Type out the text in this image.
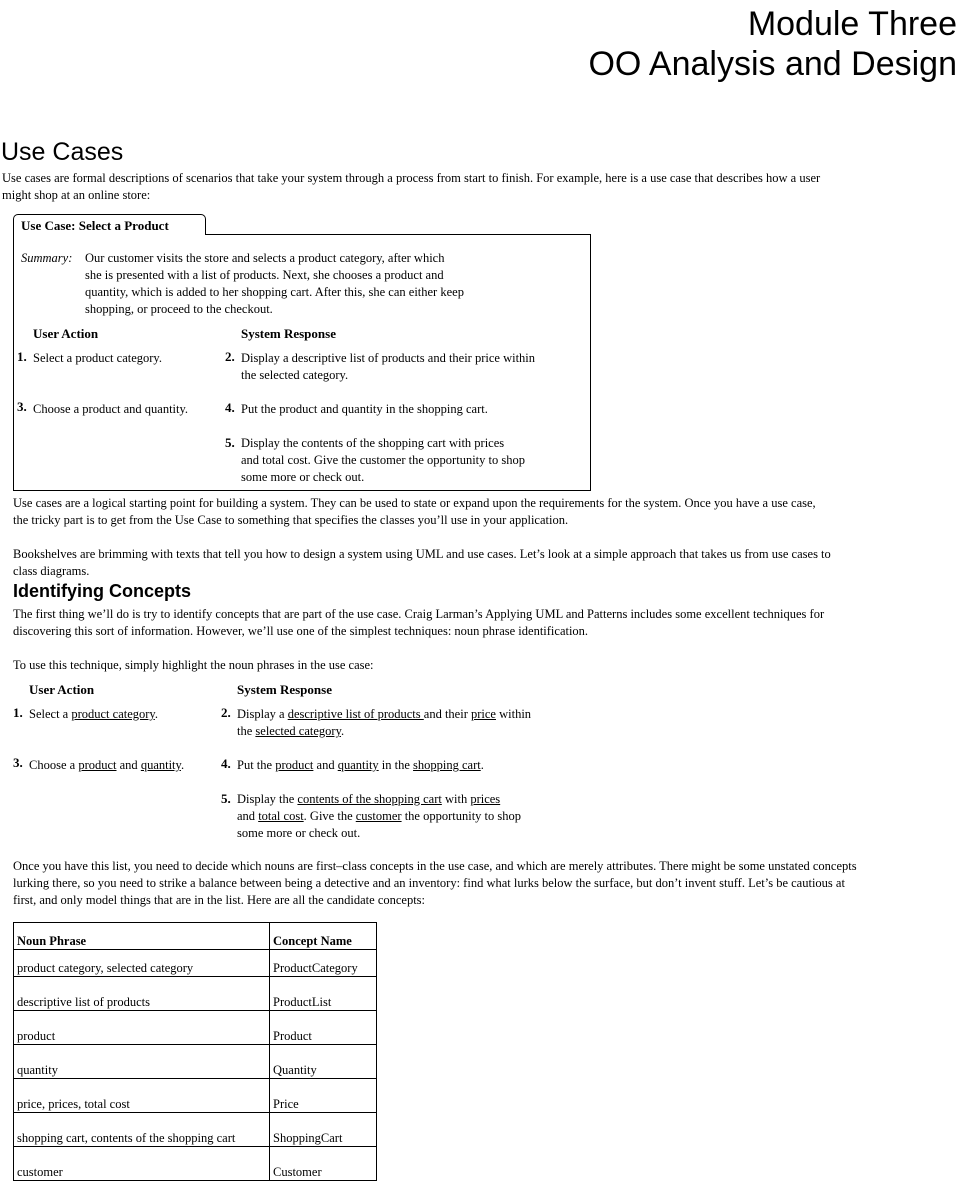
Module Three
OO Analysis and Design
Use Cases

Use cases are formal descriptions of scenarios that take your system through a process from start to finish. For example, here is a use case that describes how a user

might shop at an online store:

Use Case: Select a Product
Summary: Our customer visits the store and selects a product category, after which
she is presented with a list of products. Next, she chooses a product and
quantity, which is added to her shopping cart. After this, she can either keep
shopping, or proceed to the checkout.
User Action	System Response
1. Select a product category.	2. Display a descriptive list of products and their price within
the selected category.
3. Choose a product and quantity.	4. Put the product and quantity in the shopping cart.
5. Display the contents of the shopping cart with prices
and total cost. Give the customer the opportunity to shop
some more or check out.

Use cases are a logical starting point for building a system. They can be used to state or expand upon the requirements for the system. Once you have a use case,

the tricky part is to get from the Use Case to something that specifies the classes you’ll use in your application.

Bookshelves are brimming with texts that tell you how to design a system using UML and use cases. Let’s look at a simple approach that takes us from use cases to

class diagrams.

Identifying Concepts

The first thing we’ll do is try to identify concepts that are part of the use case. Craig Larman’s Applying UML and Patterns includes some excellent techniques for

discovering this sort of information. However, we’ll use one of the simplest techniques: noun phrase identification.

To use this technique, simply highlight the noun phrases in the use case:

User Action	System Response
1. Select a product category.	2. Display a descriptive list of products and their price within
the selected category.
3. Choose a product and quantity.	4. Put the product and quantity in the shopping cart.
5. Display the contents of the shopping cart with prices
and total cost. Give the customer the opportunity to shop
some more or check out.

Once you have this list, you need to decide which nouns are first–class concepts in the use case, and which are merely attributes. There might be some unstated concepts

lurking there, so you need to strike a balance between being a detective and an inventory: find what lurks below the surface, but don’t invent stuff. Let’s be cautious at

first, and only model things that are in the list. Here are all the candidate concepts:

Noun Phrase	Concept Name
product category, selected category	ProductCategory
descriptive list of products	ProductList
product	Product
quantity	Quantity
price, prices, total cost	Price
shopping cart, contents of the shopping cart	ShoppingCart
customer	Customer
